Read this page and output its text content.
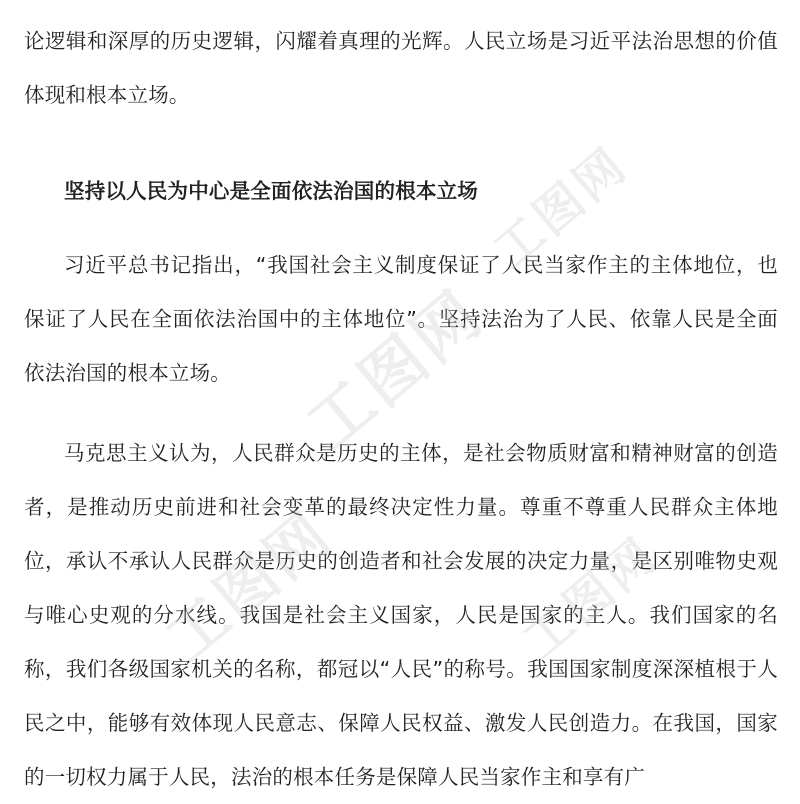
论逻辑和深厚的历史逻辑，闪耀着真理的光辉。人民立场是习近平法治思想的价值体现和根本立场。

坚持以人民为中心是全面依法治国的根本立场

习近平总书记指出，“我国社会主义制度保证了人民当家作主的主体地位，也保证了人民在全面依法治国中的主体地位”。坚持法治为了人民、依靠人民是全面依法治国的根本立场。

马克思主义认为，人民群众是历史的主体，是社会物质财富和精神财富的创造者，是推动历史前进和社会变革的最终决定性力量。尊重不尊重人民群众主体地位，承认不承认人民群众是历史的创造者和社会发展的决定力量，是区别唯物史观与唯心史观的分水线。我国是社会主义国家，人民是国家的主人。我们国家的名称，我们各级国家机关的名称，都冠以“人民”的称号。我国国家制度深深植根于人民之中，能够有效体现人民意志、保障人民权益、激发人民创造力。在我国，国家的一切权力属于人民，法治的根本任务是保障人民当家作主和享有广

工图网
工图网
工图网	工图网
